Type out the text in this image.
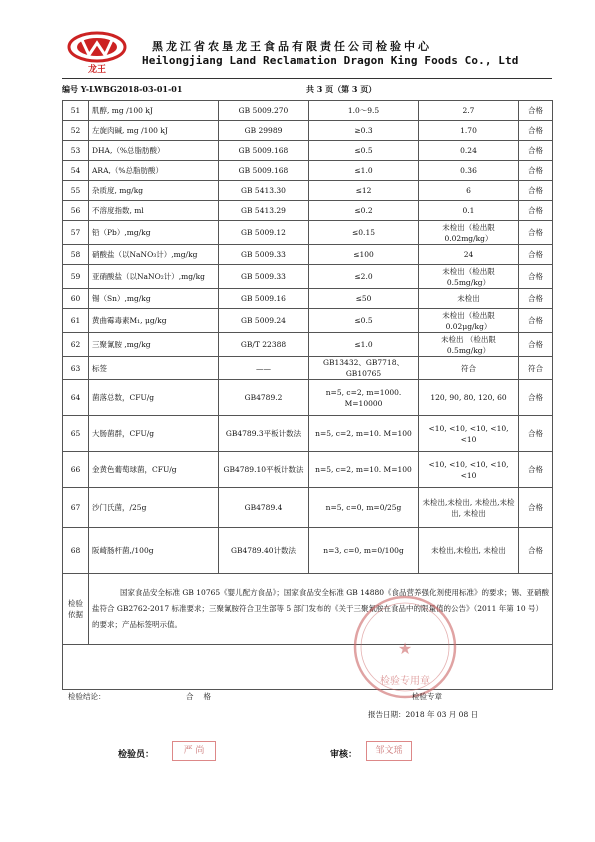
龙王
黑龙江省农垦龙王食品有限责任公司检验中心
Heilongjiang Land Reclamation Dragon King Foods Co., Ltd
编号 Y-LWBG2018-03-01-01	共 3 页（第 3 页）
51	肌醇, mg /100 kJ	GB 5009.270	1.0～9.5	2.7	合格
52	左旋肉碱, mg /100 kJ	GB 29989	≥0.3	1.70	合格
53	DHA,（%总脂肪酸）	GB 5009.168	≤0.5	0.24	合格
54	ARA,（%总脂肪酸）	GB 5009.168	≤1.0	0.36	合格
55	杂质度, mg/kg	GB 5413.30	≤12	6	合格
56	不溶度指数, ml	GB 5413.29	≤0.2	0.1	合格
57	铅（Pb）,mg/kg	GB 5009.12	≤0.15	未检出（检出限 0.02mg/kg）	合格
58	硝酸盐（以NaNO₃计）,mg/kg	GB 5009.33	≤100	24	合格
59	亚硝酸盐（以NaNO₂计）,mg/kg	GB 5009.33	≤2.0	未检出（检出限 0.5mg/kg）	合格
60	锡（Sn）,mg/kg	GB 5009.16	≤50	未检出	合格
61	黄曲霉毒素M₁, μg/kg	GB 5009.24	≤0.5	未检出（检出限 0.02μg/kg）	合格
62	三聚氰胺 ,mg/kg	GB/T 22388	≤1.0	未检出 （检出限 0.5mg/kg）	合格
63	标签	——	GB13432、GB7718、GB10765	符合	符合
64	菌落总数，CFU/g	GB4789.2	n=5, c=2, m=1000. M=10000	120, 90, 80, 120, 60	合格
65	大肠菌群，CFU/g	GB4789.3平板计数法	n=5, c=2, m=10. M=100	<10, <10, <10, <10, <10	合格
66	金黄色葡萄球菌，CFU/g	GB4789.10平板计数法	n=5, c=2, m=10. M=100	<10, <10, <10, <10, <10	合格
67	沙门氏菌，/25g	GB4789.4	n=5, c=0, m=0/25g	未检出,未检出, 未检出,未检出, 未检出	合格
68	阪崎肠杆菌,/100g	GB4789.40计数法	n=3, c=0, m=0/100g	未检出,未检出, 未检出	合格
检验依据	国家食品安全标准 GB 10765《婴儿配方食品》；国家食品安全标准 GB 14880《食品营养强化剂使用标准》的要求；锡、亚硝酸盐符合 GB2762-2017 标准要求；三聚氰胺符合卫生部等 5 部门发布的《关于三聚氰胺在食品中的限量值的公告》（2011 年第 10 号）的要求；产品标签明示值。				

★
检验专用章
检验结论：	合格	检验专章
报告日期：2018 年 03 月 08 日
检验员：	严 尚	审核：	邹文瑶
